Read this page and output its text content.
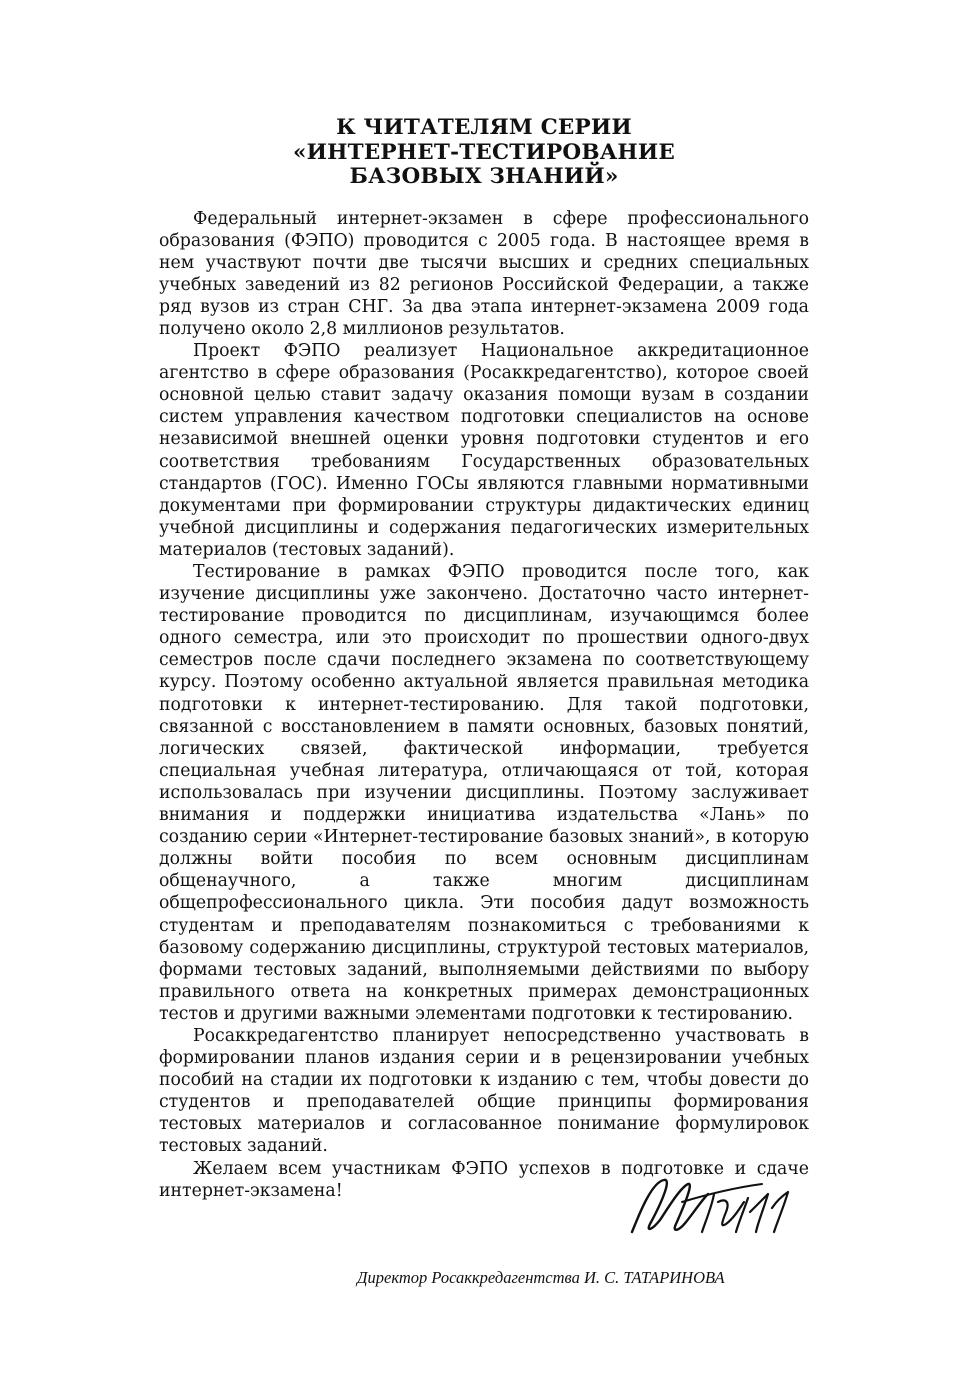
К ЧИТАТЕЛЯМ СЕРИИ
«ИНТЕРНЕТ-ТЕСТИРОВАНИЕ
БАЗОВЫХ ЗНАНИЙ»

Федеральный интернет-экзамен в сфере профессионального образования (ФЭПО) проводится с 2005 года. В настоящее время в нем участвуют почти две тысячи высших и средних специальных учебных заведений из 82 регионов Российской Федерации, а также ряд вузов из стран СНГ. За два этапа интернет-экзамена 2009 года получено около 2,8 миллионов результатов.

Проект ФЭПО реализует Национальное аккредитационное агентство в сфере образования (Росаккредагентство), которое своей основной целью ставит задачу оказания помощи вузам в создании систем управления качеством подготовки специалистов на основе независимой внешней оценки уровня подготовки студентов и его соответствия требованиям Государственных образовательных стандартов (ГОС). Именно ГОСы являются главными нормативными документами при формировании структуры дидактических единиц учебной дисциплины и содержания педагогических измерительных материалов (тестовых заданий).

Тестирование в рамках ФЭПО проводится после того, как изучение дисциплины уже закончено. Достаточно часто интернет-тестирование проводится по дисциплинам, изучающимся более одного семестра, или это происходит по прошествии одного-двух семестров после сдачи последнего экзамена по соответствующему курсу. Поэтому особенно актуальной является правильная методика подготовки к интернет-тестированию. Для такой подготовки, связанной с восстановлением в памяти основных, базовых понятий, логических связей, фактической информации, требуется специальная учебная литература, отличающаяся от той, которая использовалась при изучении дисциплины. Поэтому заслуживает внимания и поддержки инициатива издательства «Лань» по созданию серии «Интернет-тестирование базовых знаний», в которую должны войти пособия по всем основным дисциплинам общенаучного, а также многим дисциплинам общепрофессионального цикла. Эти пособия дадут возможность студентам и преподавателям познакомиться с требованиями к базовому содержанию дисциплины, структурой тестовых материалов, формами тестовых заданий, выполняемыми действиями по выбору правильного ответа на конкретных примерах демонстрационных тестов и другими важными элементами подготовки к тестированию.

Росаккредагентство планирует непосредственно участвовать в формировании планов издания серии и в рецензировании учебных пособий на стадии их подготовки к изданию с тем, чтобы довести до студентов и преподавателей общие принципы формирования тестовых материалов и согласованное понимание формулировок тестовых заданий.

Желаем всем участникам ФЭПО успехов в подготовке и сдаче интернет-экзамена!

Директор Росаккредагентства И. С. ТАТАРИНОВА
